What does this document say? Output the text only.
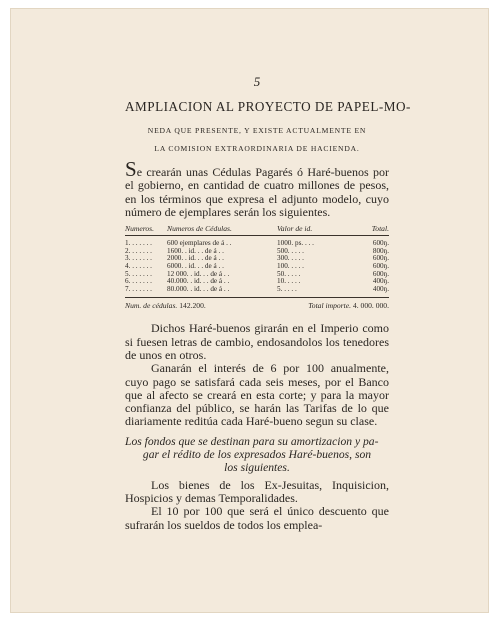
5
AMPLIACION AL PROYECTO DE PAPEL-MO-
NEDA QUE PRESENTE, Y EXISTE ACTUALMENTE EN
LA COMISION EXTRAORDINARIA DE HACIENDA.

Se crearán unas Cédulas Pagarés ó Haré-buenos por el gobierno, en cantidad de cuatro millones de pesos, en los términos que expresa el adjunto modelo, cuyo número de ejemplares serán los siguientes.

Numeros.	Numeros de Cédulas.	Valor de id.	Total.
1. . . . . . .	600 ejemplares de á . .	1000. ps. . . .	600ŋ.
2. . . . . . .	1600. . id. . . de á . .	500. . . . .	800ŋ.
3. . . . . . .	2000. . id. . . de á . .	300. . . . .	600ŋ.
4. . . . . . .	6000. . id. . . de á . .	100. . . . .	600ŋ.
5. . . . . . .	12 000. . id. . . de á . .	50. . . . .	600ŋ.
6. . . . . . .	40.000. . id. . . de á . .	10. . . . .	400ŋ.
7. . . . . . .	80.000. . id. . . de á . .	5. . . . .	400ŋ.
Num. de cédulas. 142.200.	Total importe. 4. 000. 000.

Dichos Haré-buenos girarán en el Imperio como si fuesen letras de cambio, endosandolos los tenedores de unos en otros.

Ganarán el interés de 6 por 100 anualmente, cuyo pago se satisfará cada seis meses, por el Banco que al afecto se creará en esta corte; y para la mayor confianza del público, se harán las Tarifas de lo que diariamente reditúa cada Haré-bueno segun su clase.

Los fondos que se destinan para su amortizacion y pa-
gar el rédito de los expresados Haré-buenos, son
los siguientes.

Los bienes de los Ex-Jesuitas, Inquisicion, Hospicios y demas Temporalidades.

El 10 por 100 que será el único descuento que sufrarán los sueldos de todos los emplea-
